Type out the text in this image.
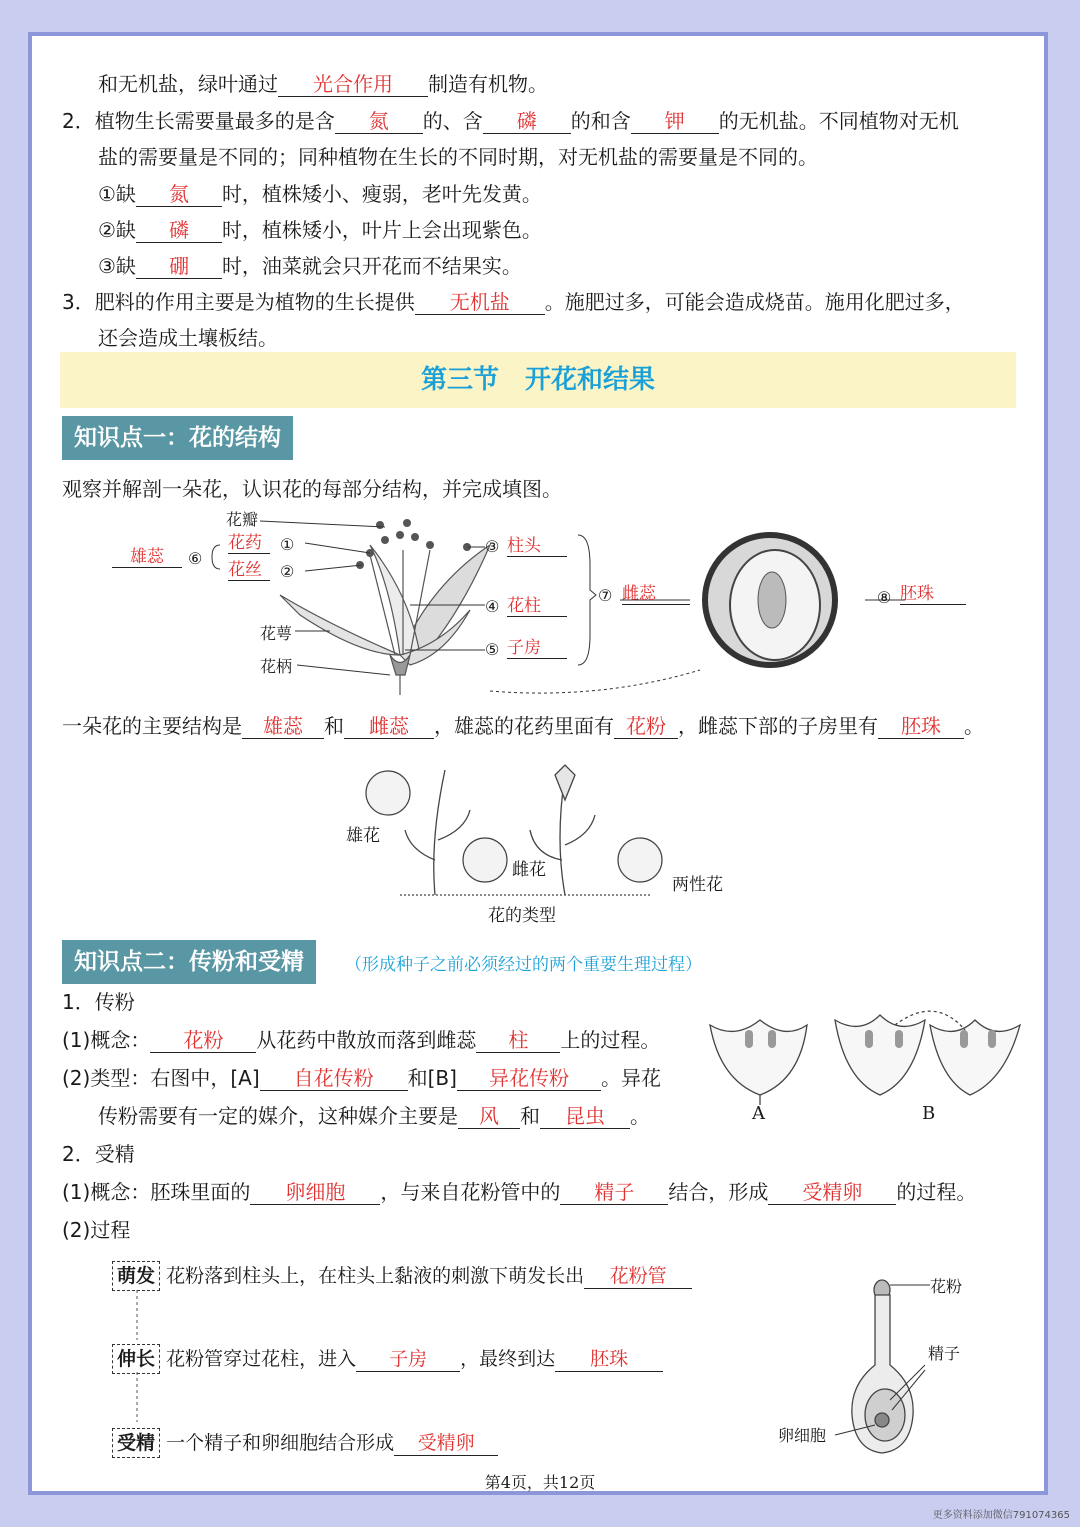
和无机盐，绿叶通过 光合作用 制造有机物。
2．植物生长需要量最多的是含 氮 的、含 磷 的和含 钾 的无机盐。不同植物对无机
盐的需要量是不同的；同种植物在生长的不同时期，对无机盐的需要量是不同的。
①缺 氮 时，植株矮小、瘦弱，老叶先发黄。
②缺 磷 时，植株矮小，叶片上会出现紫色。
③缺 硼 时，油菜就会只开花而不结果实。
3．肥料的作用主要是为植物的生长提供 无机盐 。施肥过多，可能会造成烧苗。施用化肥过多，
还会造成土壤板结。
第三节　开花和结果
知识点一：花的结构
观察并解剖一朵花，认识花的每部分结构，并完成填图。
花瓣
①
②
⑥
花药
花丝
雄蕊
③ 柱头
④ 花柱
⑤ 子房
⑦ 雌蕊	⑧ 胚珠
花萼
花柄
一朵花的主要结构是 雄蕊 和 雌蕊 ，雄蕊的花药里面有 花粉 ，雌蕊下部的子房里有 胚珠 。
雄花
雌花
两性花
花的类型
知识点二：传粉和受精	（形成种子之前必须经过的两个重要生理过程）
1．传粉
(1)概念： 花粉 从花药中散放而落到雌蕊 柱 上的过程。
(2)类型：右图中，[A] 自花传粉 和[B] 异花传粉 。异花
传粉需要有一定的媒介，这种媒介主要是 风 和 昆虫 。	A	B
2．受精
(1)概念：胚珠里面的 卵细胞 ，与来自花粉管中的 精子 结合，形成 受精卵 的过程。
(2)过程
萌发 花粉落到柱头上，在柱头上黏液的刺激下萌发长出 花粉管
伸长 花粉管穿过花柱，进入 子房 ，最终到达 胚珠
受精 一个精子和卵细胞结合形成 受精卵
花粉
精子
卵细胞
第4页，共12页
更多资料添加微信791074365
